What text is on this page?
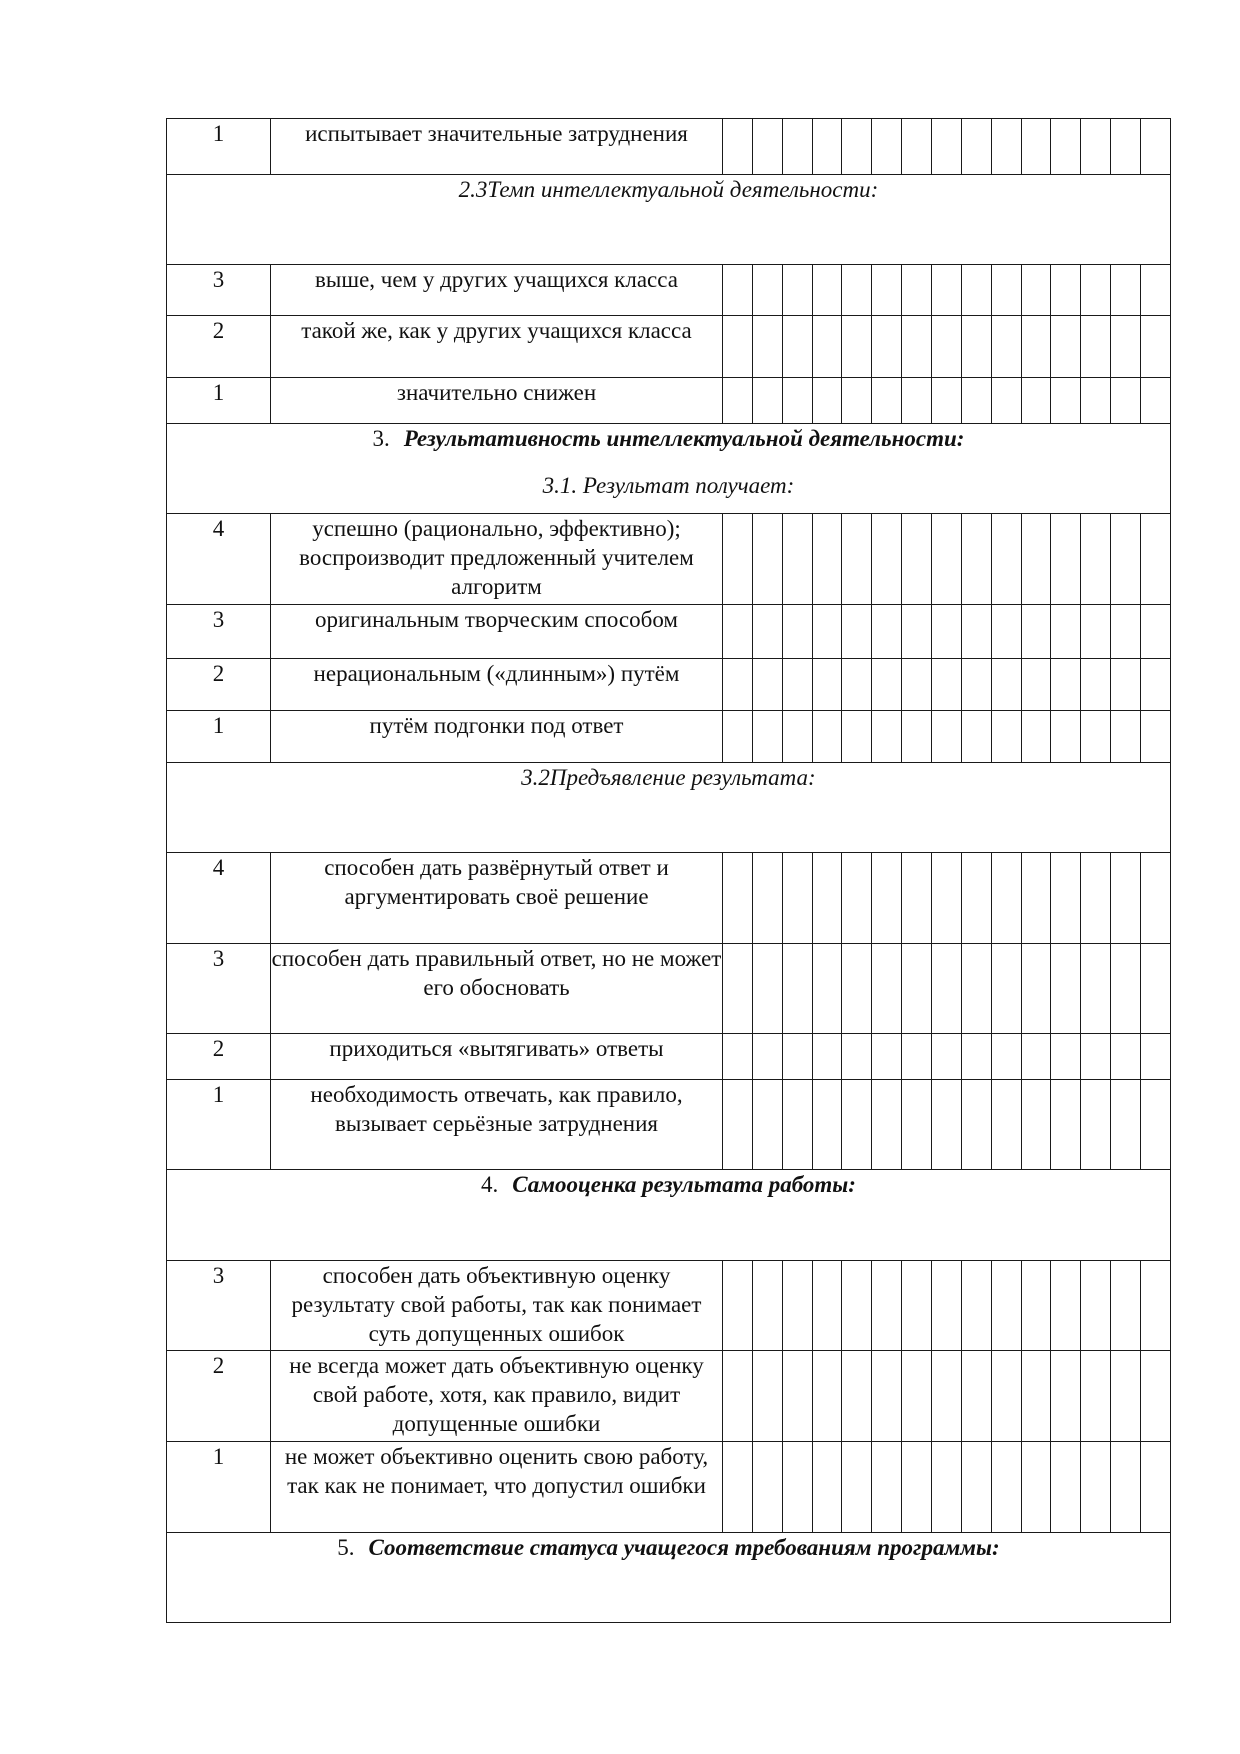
1	испытывает значительные затруднения															

2.3Темп интеллектуальной деятельности:																

3	выше, чем у других учащихся класса															
2	такой же, как у других учащихся класса															
1	значительно снижен															

3. Результативность интеллектуальной деятельности:
3.1. Результат получает:																

4	успешно (рационально, эффективно); воспроизводит предложенный учителем алгоритм															
3	оригинальным творческим способом															
2	нерациональным («длинным») путём															
1	путём подгонки под ответ															

3.2Предъявление результата:																

4	способен дать развёрнутый ответ и аргументировать своё решение															
3	способен дать правильный ответ, но не может его обосновать															
2	приходиться «вытягивать» ответы															
1	необходимость отвечать, как правило, вызывает серьёзные затруднения															

4. Самооценка результата работы:																

3	способен дать объективную оценку результату свой работы, так как понимает суть допущенных ошибок															
2	не всегда может дать объективную оценку свой работе, хотя, как правило, видит допущенные ошибки															
1	не может объективно оценить свою работу, так как не понимает, что допустил ошибки															

5. Соответствие статуса учащегося требованиям программы:																
